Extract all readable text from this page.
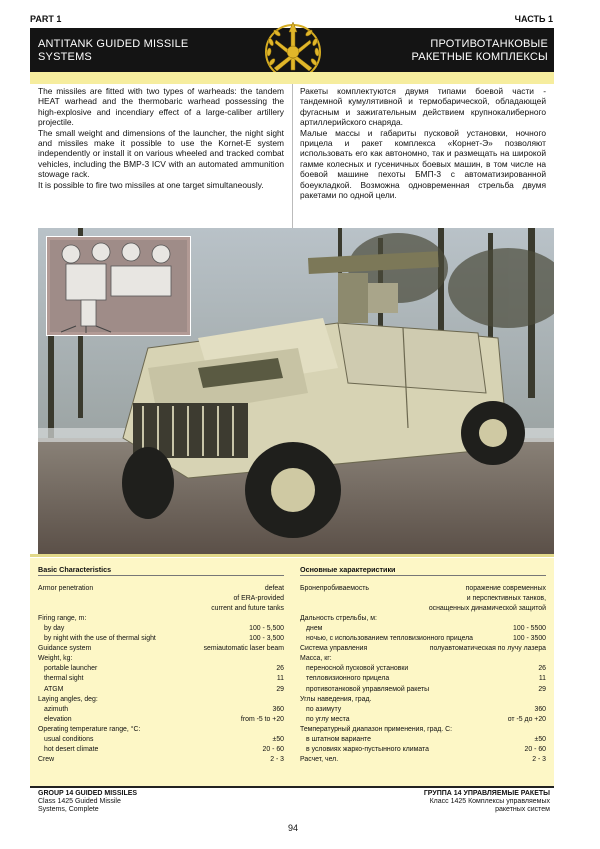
PART 1	ЧАСТЬ 1
ANTITANK GUIDED MISSILE
SYSTEMS
ПРОТИВОТАНКОВЫЕ
РАКЕТНЫЕ КОМПЛЕКСЫ

The missiles are fitted with two types of warheads: the tandem HEAT warhead and the thermobaric warhead possessing the high-explosive and incendiary effect of a large-caliber artillery projectile.

The small weight and dimensions of the launcher, the night sight and missiles make it possible to use the Kornet-E system independently or install it on various wheeled and tracked combat vehicles, including the BMP-3 ICV with an automated ammunition stowage rack.

It is possible to fire two missiles at one target simultaneously.

Ракеты комплектуются двумя типами боевой части - тандемной кумулятивной и термобарической, обладающей фугасным и зажигательным действием крупнокалиберного артиллерийского снаряда.

Малые массы и габариты пусковой установки, ночного прицела и ракет комплекса «Корнет-Э» позволяют использовать его как автономно, так и размещать на широкой гамме колесных и гусеничных боевых машин, в том числе на боевой машине пехоты БМП-3 с автоматизированной боеукладкой. Возможна одновременная стрельба двумя ракетами по одной цели.

Basic Characteristics	Основные характеристики
Armor penetration	defeat
of ERA-provided
current and future tanks
Firing range, m:
by day	100 - 5,500
by night with the use of thermal sight	100 - 3,500
Guidance system	semiautomatic laser beam
Weight, kg:
portable launcher	26
thermal sight	11
ATGM	29
Laying angles, deg:
azimuth	360
elevation	from -5 to +20
Operating temperature range, °C:
usual conditions	±50
hot desert climate	20 - 60
Crew	2 - 3
Бронепробиваемость	поражение современных
и перспективных танков,
оснащенных динамической защитой
Дальность стрельбы, м:
днем	100 - 5500
ночью, с использованием тепловизионного прицела	100 - 3500
Система управления	полуавтоматическая по лучу лазера
Масса, кг:
переносной пусковой установки	26
тепловизионного прицела	11
противотанковой управляемой ракеты	29
Углы наведения, град.
по азимуту	360
по углу места	от -5 до +20
Температурный диапазон применения, град. С:
в штатном варианте	±50
в условиях жарко-пустынного климата	20 - 60
Расчет, чел.	2 - 3
GROUP 14 GUIDED MISSILES
Class 1425 Guided Missile
Systems, Complete
ГРУППА 14 УПРАВЛЯЕМЫЕ РАКЕТЫ
Класс 1425 Комплексы управляемых
ракетных систем
94
